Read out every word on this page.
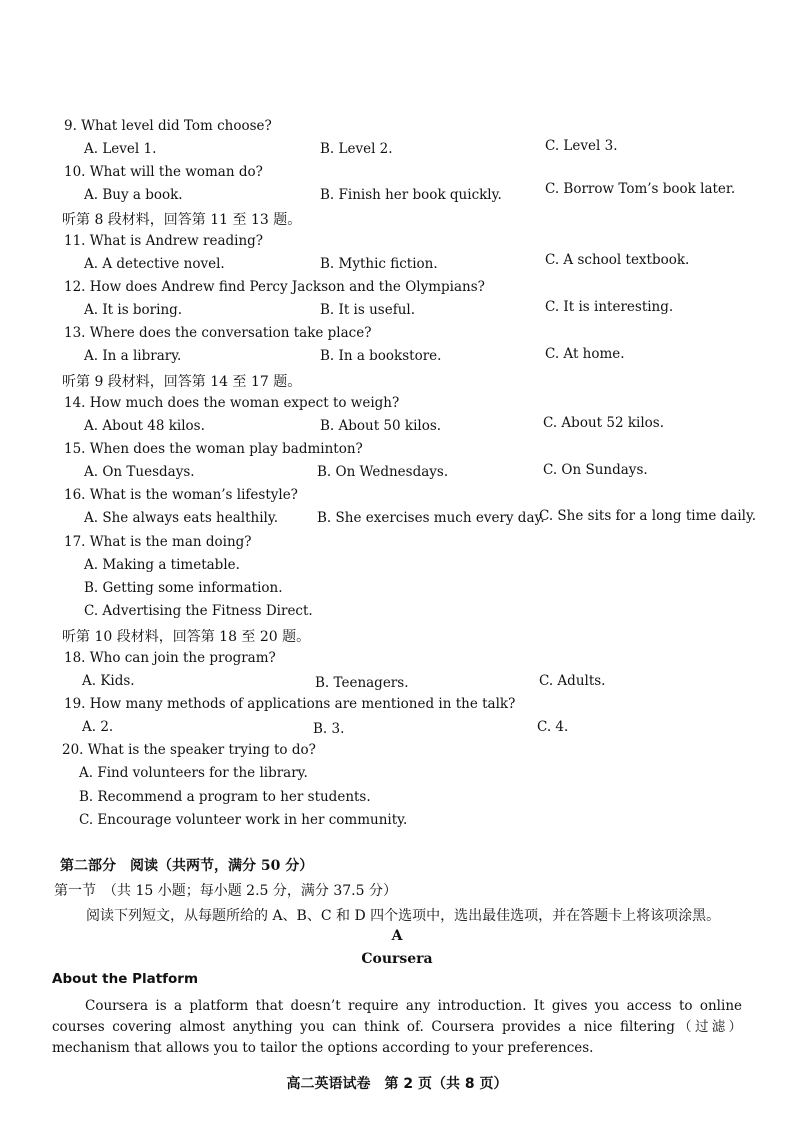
9. What level did Tom choose?
A. Level 1.	B. Level 2.	C. Level 3.
10. What will the woman do?
A. Buy a book.	B. Finish her book quickly.	C. Borrow Tom’s book later.
听第 8 段材料，回答第 11 至 13 题。
11. What is Andrew reading?
A. A detective novel.	B. Mythic fiction.	C. A school textbook.
12. How does Andrew find Percy Jackson and the Olympians?
A. It is boring.	B. It is useful.	C. It is interesting.
13. Where does the conversation take place?
A. In a library.	B. In a bookstore.	C. At home.
听第 9 段材料，回答第 14 至 17 题。
14. How much does the woman expect to weigh?
A. About 48 kilos.	B. About 50 kilos.	C. About 52 kilos.
15. When does the woman play badminton?
A. On Tuesdays.	B. On Wednesdays.	C. On Sundays.
16. What is the woman’s lifestyle?
A. She always eats healthily.	B. She exercises much every day.
C. She sits for a long time daily.
17. What is the man doing?
A. Making a timetable.
B. Getting some information.
C. Advertising the Fitness Direct.
听第 10 段材料，回答第 18 至 20 题。
18. Who can join the program?
A. Kids.	B. Teenagers.	C. Adults.
19. How many methods of applications are mentioned in the talk?
A. 2.	B. 3.	C. 4.
20. What is the speaker trying to do?
A. Find volunteers for the library.
B. Recommend a program to her students.
C. Encourage volunteer work in her community.
第二部分　阅读（共两节，满分 50 分）
第一节　（共 15 小题；每小题 2.5 分，满分 37.5 分）
阅读下列短文，从每题所给的 A、B、C 和 D 四个选项中，选出最佳选项，并在答题卡上将该项涂黑。
A
Coursera
About the Platform
Coursera is a platform that doesn’t require any introduction. It gives you access to online courses covering almost anything you can think of. Coursera provides a nice filtering（过滤）mechanism that allows you to tailor the options according to your preferences.
高二英语试卷　第 2 页（共 8 页）
